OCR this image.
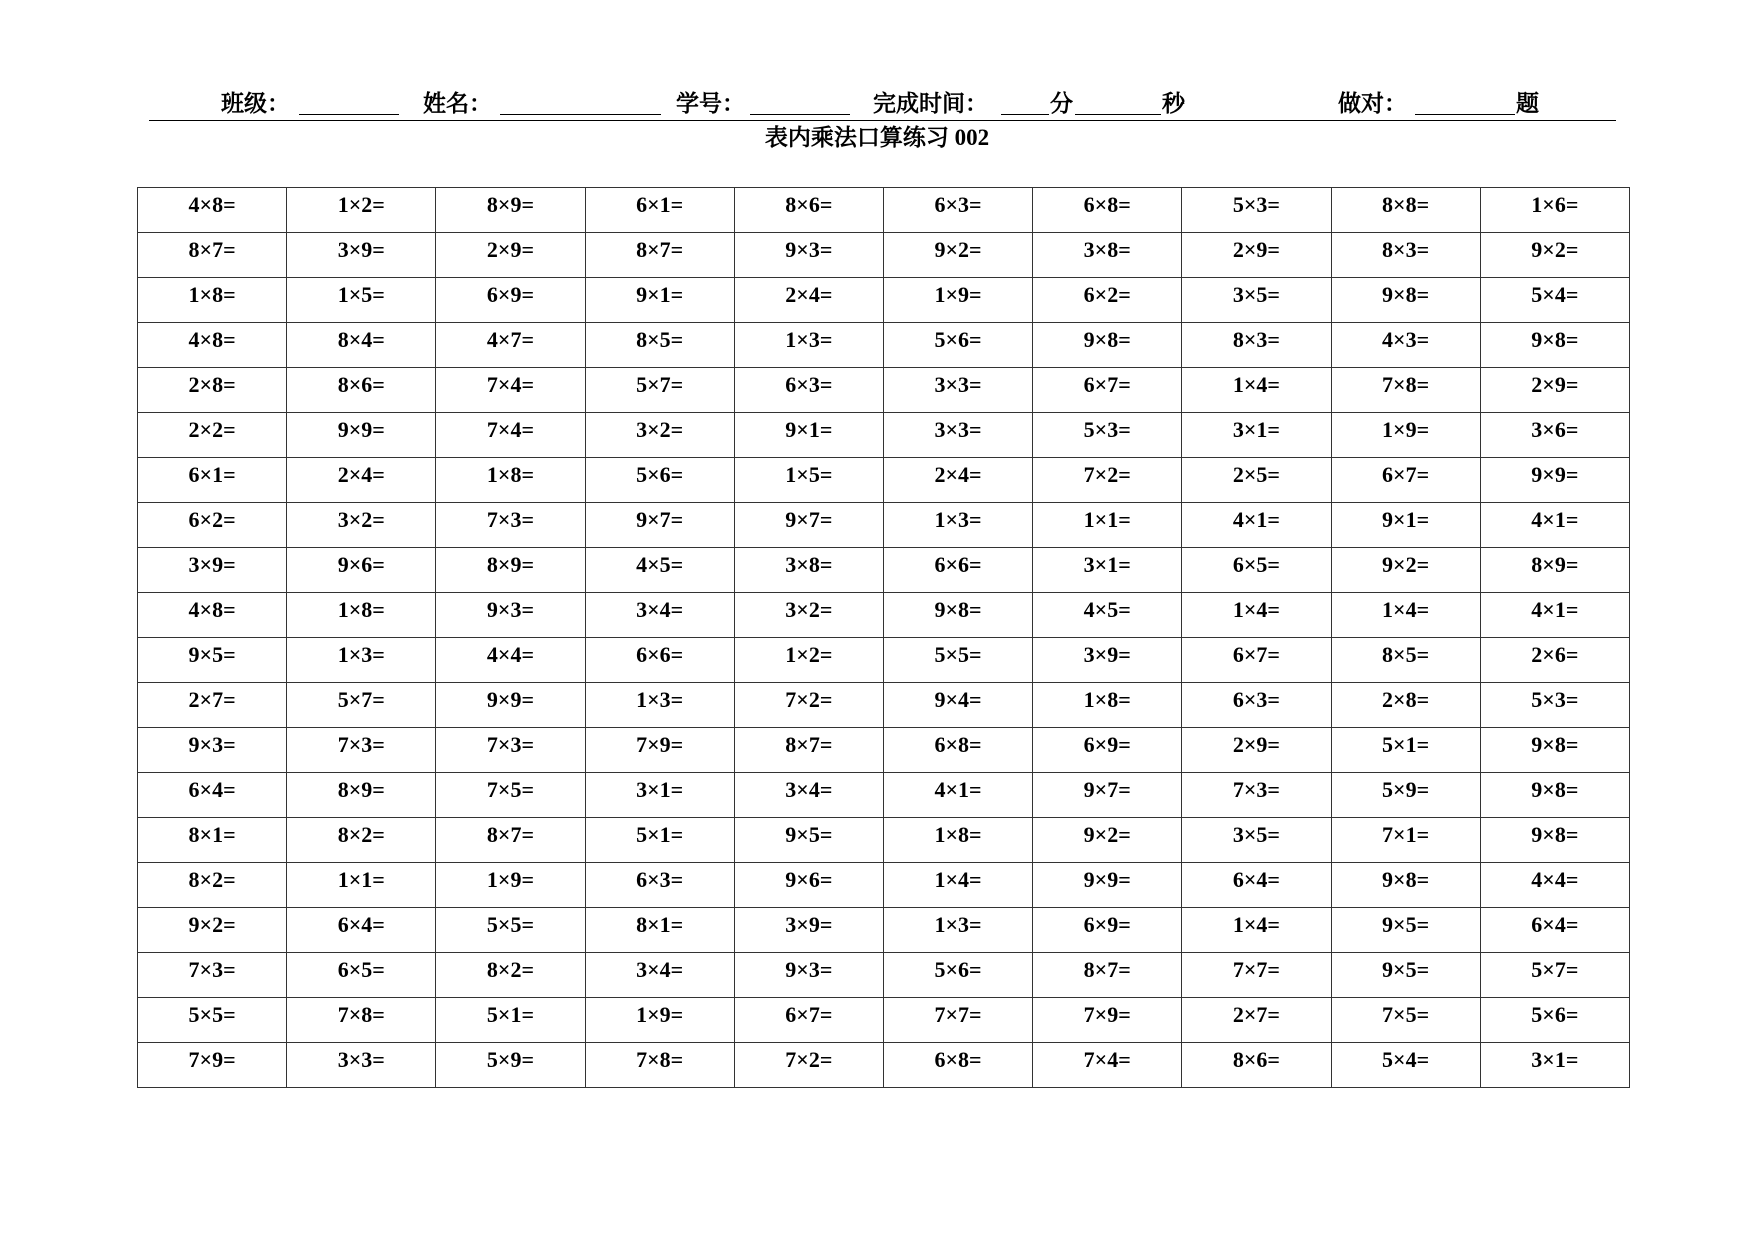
班级：	姓名：	学号：	完成时间：	分	秒	做对：	题
表内乘法口算练习 002
4×8=	1×2=	8×9=	6×1=	8×6=	6×3=	6×8=	5×3=	8×8=	1×6=
8×7=	3×9=	2×9=	8×7=	9×3=	9×2=	3×8=	2×9=	8×3=	9×2=
1×8=	1×5=	6×9=	9×1=	2×4=	1×9=	6×2=	3×5=	9×8=	5×4=
4×8=	8×4=	4×7=	8×5=	1×3=	5×6=	9×8=	8×3=	4×3=	9×8=
2×8=	8×6=	7×4=	5×7=	6×3=	3×3=	6×7=	1×4=	7×8=	2×9=
2×2=	9×9=	7×4=	3×2=	9×1=	3×3=	5×3=	3×1=	1×9=	3×6=
6×1=	2×4=	1×8=	5×6=	1×5=	2×4=	7×2=	2×5=	6×7=	9×9=
6×2=	3×2=	7×3=	9×7=	9×7=	1×3=	1×1=	4×1=	9×1=	4×1=
3×9=	9×6=	8×9=	4×5=	3×8=	6×6=	3×1=	6×5=	9×2=	8×9=
4×8=	1×8=	9×3=	3×4=	3×2=	9×8=	4×5=	1×4=	1×4=	4×1=
9×5=	1×3=	4×4=	6×6=	1×2=	5×5=	3×9=	6×7=	8×5=	2×6=
2×7=	5×7=	9×9=	1×3=	7×2=	9×4=	1×8=	6×3=	2×8=	5×3=
9×3=	7×3=	7×3=	7×9=	8×7=	6×8=	6×9=	2×9=	5×1=	9×8=
6×4=	8×9=	7×5=	3×1=	3×4=	4×1=	9×7=	7×3=	5×9=	9×8=
8×1=	8×2=	8×7=	5×1=	9×5=	1×8=	9×2=	3×5=	7×1=	9×8=
8×2=	1×1=	1×9=	6×3=	9×6=	1×4=	9×9=	6×4=	9×8=	4×4=
9×2=	6×4=	5×5=	8×1=	3×9=	1×3=	6×9=	1×4=	9×5=	6×4=
7×3=	6×5=	8×2=	3×4=	9×3=	5×6=	8×7=	7×7=	9×5=	5×7=
5×5=	7×8=	5×1=	1×9=	6×7=	7×7=	7×9=	2×7=	7×5=	5×6=
7×9=	3×3=	5×9=	7×8=	7×2=	6×8=	7×4=	8×6=	5×4=	3×1=
